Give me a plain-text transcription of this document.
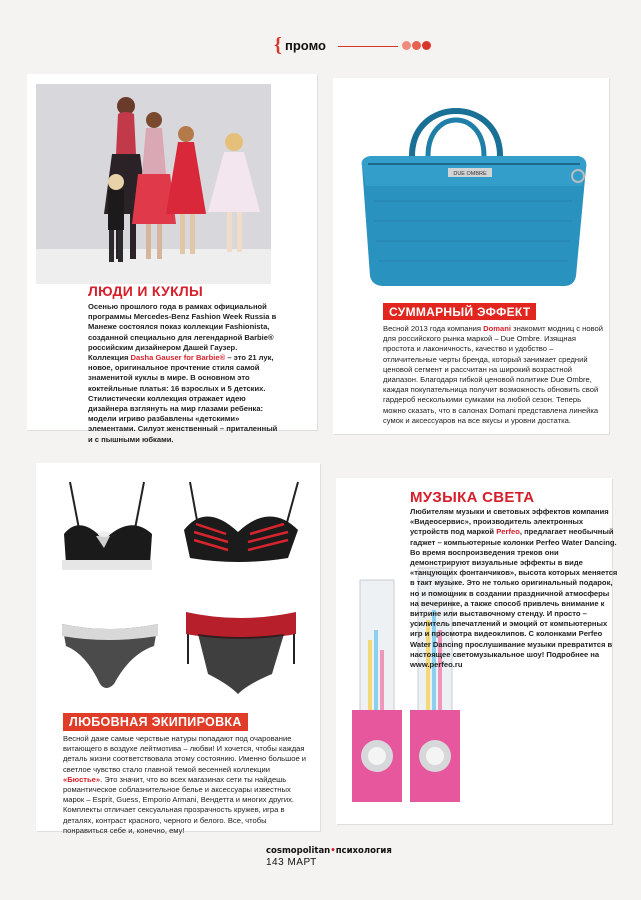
{ промо
ЛЮДИ И КУКЛЫ

Осенью прошлого года в рамках официальной программы Mercedes-Benz Fashion Week Russia в Манеже состоялся показ коллекции Fashionista, созданной специально для легендарной Barbie® российским дизайнером Дашей Гаузер. Коллекция Dasha Gauser for Barbie® – это 21 лук, новое, оригинальное прочтение стиля самой знаменитой куклы в мире. В основном это коктейльные платья: 16 взрослых и 5 детских. Стилистически коллекция отражает идею дизайнера взглянуть на мир глазами ребенка: модели игриво разбавлены «детскими» элементами. Силуэт женственный – приталенный и с пышными юбками.

DUE OMBRE
СУММАРНЫЙ ЭФФЕКТ

Весной 2013 года компания Domani знакомит модниц с новой для российского рынка маркой – Due Ombre. Изящная простота и лаконичность, качество и удобство – отличительные черты бренда, который занимает средний ценовой сегмент и рассчитан на широкий возрастной диапазон. Благодаря гибкой ценовой политике Due Ombre, каждая покупательница получит возможность обновить свой гардероб несколькими сумками на любой сезон. Теперь можно сказать, что в салонах Domani представлена линейка сумок и аксессуаров на все вкусы и уровни достатка.

ЛЮБОВНАЯ ЭКИПИРОВКА

Весной даже самые черствые натуры попадают под очарование витающего в воздухе лейтмотива – любви! И хочется, чтобы каждая деталь жизни соответствовала этому состоянию. Именно большое и светлое чувство стало главной темой весенней коллекции «Бюстье». Это значит, что во всех магазинах сети ты найдешь романтическое соблазнительное белье и аксессуары известных марок – Esprit, Guess, Emporio Armani, Вендетта и многих других. Комплекты отличает сексуальная прозрачность кружев, игра в деталях, контраст красного, черного и белого. Все, чтобы понравиться себе и, конечно, ему!

МУЗЫКА СВЕТА

Любителям музыки и световых эффектов компания «Видеосервис», производитель электронных устройств под маркой Perfeo, предлагает необычный гаджет – компьютерные колонки Perfeo Water Dancing. Во время воспроизведения треков они демонстрируют визуальные эффекты в виде «танцующих фонтанчиков», высота которых меняется в такт музыке. Это не только оригинальный подарок, но и помощник в создании праздничной атмосферы на вечеринке, а также способ привлечь внимание к витрине или выставочному стенду. И просто – усилитель впечатлений и эмоций от компьютерных игр и просмотра видеоклипов. С колонками Perfeo Water Dancing прослушивание музыки превратится в настоящее светомузыкальное шоу! Подробнее на www.perfeo.ru

cosmopolitan•психология
143 МАРТ
